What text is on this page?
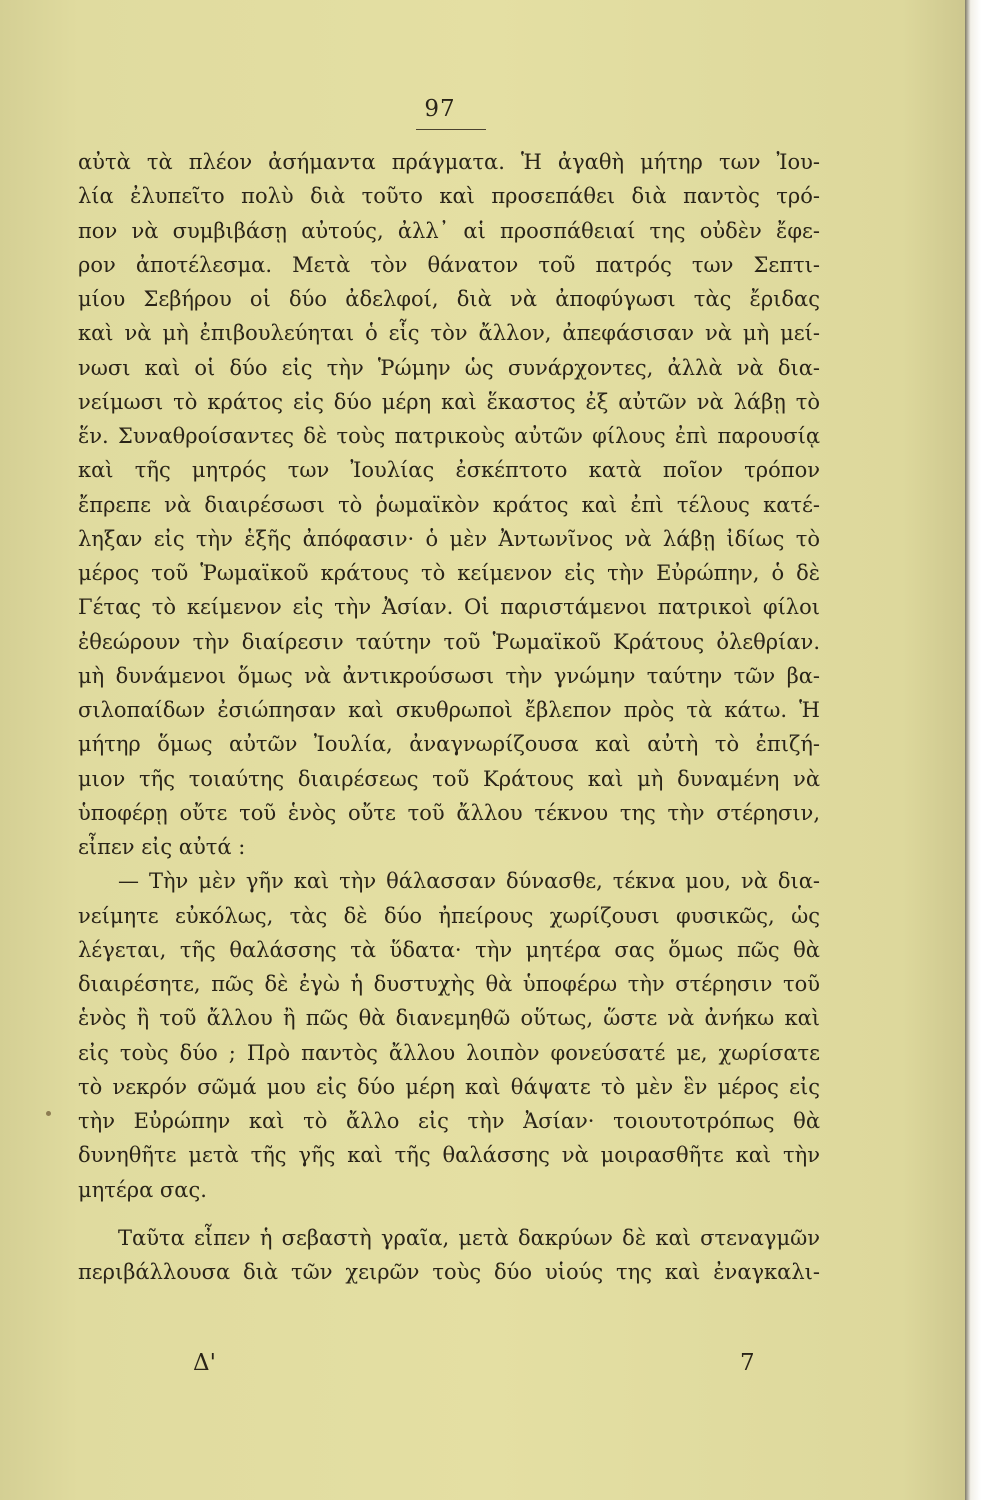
97
αὐτὰ τὰ πλέον ἀσήμαντα πράγματα. Ἡ ἀγαθὴ μήτηρ των Ἰου-
λία ἐλυπεῖτο πολὺ διὰ τοῦτο καὶ προσεπάθει διὰ παντὸς τρό-
πον νὰ συμβιβάσῃ αὐτούς, ἀλλ᾽ αἱ προσπάθειαί της οὐδὲν ἔφε-
ρον ἀποτέλεσμα. Μετὰ τὸν θάνατον τοῦ πατρός των Σεπτι-
μίου Σεβήρου οἱ δύο ἀδελφοί, διὰ νὰ ἀποφύγωσι τὰς ἔριδας
καὶ νὰ μὴ ἐπιβουλεύηται ὁ εἷς τὸν ἄλλον, ἀπεφάσισαν νὰ μὴ μεί-
νωσι καὶ οἱ δύο εἰς τὴν Ῥώμην ὡς συνάρχοντες, ἀλλὰ νὰ δια-
νείμωσι τὸ κράτος εἰς δύο μέρη καὶ ἕκαστος ἐξ αὐτῶν νὰ λάβῃ τὸ
ἕν. Συναθροίσαντες δὲ τοὺς πατρικοὺς αὐτῶν φίλους ἐπὶ παρουσίᾳ
καὶ τῆς μητρός των Ἰουλίας ἐσκέπτοτο κατὰ ποῖον τρόπον
ἔπρεπε νὰ διαιρέσωσι τὸ ῥωμαϊκὸν κράτος καὶ ἐπὶ τέλους κατέ-
ληξαν εἰς τὴν ἑξῆς ἀπόφασιν· ὁ μὲν Ἀντωνῖνος νὰ λάβῃ ἰδίως τὸ
μέρος τοῦ Ῥωμαϊκοῦ κράτους τὸ κείμενον εἰς τὴν Εὐρώπην, ὁ δὲ
Γέτας τὸ κείμενον εἰς τὴν Ἀσίαν. Οἱ παριστάμενοι πατρικοὶ φίλοι
ἐθεώρουν τὴν διαίρεσιν ταύτην τοῦ Ῥωμαϊκοῦ Κράτους ὀλεθρίαν.
μὴ δυνάμενοι ὅμως νὰ ἀντικρούσωσι τὴν γνώμην ταύτην τῶν βα-
σιλοπαίδων ἐσιώπησαν καὶ σκυθρωποὶ ἔβλεπον πρὸς τὰ κάτω. Ἡ
μήτηρ ὅμως αὐτῶν Ἰουλία, ἀναγνωρίζουσα καὶ αὐτὴ τὸ ἐπιζή-
μιον τῆς τοιαύτης διαιρέσεως τοῦ Κράτους καὶ μὴ δυναμένη νὰ
ὑποφέρῃ οὔτε τοῦ ἑνὸς οὔτε τοῦ ἄλλου τέκνου της τὴν στέρησιν,
εἶπεν εἰς αὐτά :
— Τὴν μὲν γῆν καὶ τὴν θάλασσαν δύνασθε, τέκνα μου, νὰ δια-
νείμητε εὐκόλως, τὰς δὲ δύο ἠπείρους χωρίζουσι φυσικῶς, ὡς
λέγεται, τῆς θαλάσσης τὰ ὕδατα· τὴν μητέρα σας ὅμως πῶς θὰ
διαιρέσητε, πῶς δὲ ἐγὼ ἡ δυστυχὴς θὰ ὑποφέρω τὴν στέρησιν τοῦ
ἑνὸς ἢ τοῦ ἄλλου ἢ πῶς θὰ διανεμηθῶ οὕτως, ὥστε νὰ ἀνήκω καὶ
εἰς τοὺς δύο ; Πρὸ παντὸς ἄλλου λοιπὸν φονεύσατέ με, χωρίσατε
τὸ νεκρόν σῶμά μου εἰς δύο μέρη καὶ θάψατε τὸ μὲν ἓν μέρος εἰς
τὴν Εὐρώπην καὶ τὸ ἄλλο εἰς τὴν Ἀσίαν· τοιουτοτρόπως θὰ
δυνηθῆτε μετὰ τῆς γῆς καὶ τῆς θαλάσσης νὰ μοιρασθῆτε καὶ τὴν
μητέρα σας.
Ταῦτα εἶπεν ἡ σεβαστὴ γραῖα, μετὰ δακρύων δὲ καὶ στεναγμῶν
περιβάλλουσα διὰ τῶν χειρῶν τοὺς δύο υἱούς της καὶ ἐναγκαλι-
Δ'	7
